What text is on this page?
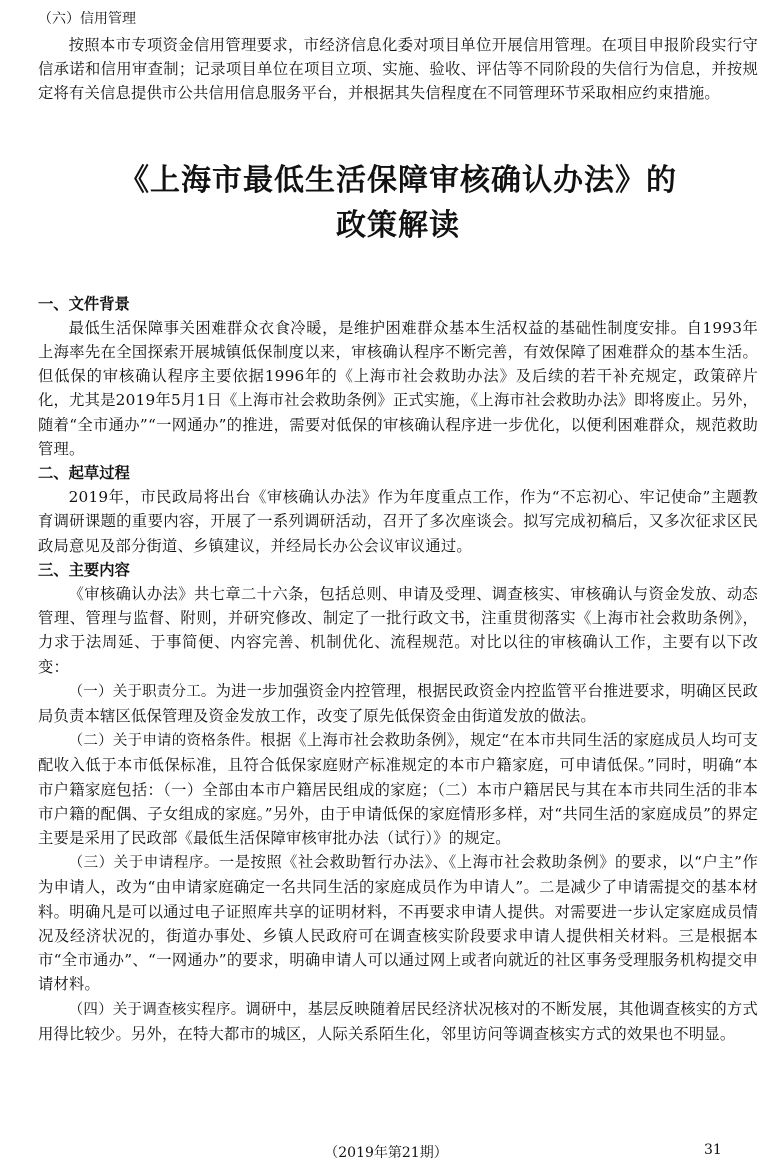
（六）信用管理

按照本市专项资金信用管理要求，市经济信息化委对项目单位开展信用管理。在项目申报阶段实行守信承诺和信用审查制；记录项目单位在项目立项、实施、验收、评估等不同阶段的失信行为信息，并按规定将有关信息提供市公共信用信息服务平台，并根据其失信程度在不同管理环节采取相应约束措施。

《上海市最低生活保障审核确认办法》的
政策解读
一、文件背景

最低生活保障事关困难群众衣食冷暖，是维护困难群众基本生活权益的基础性制度安排。自1993年上海率先在全国探索开展城镇低保制度以来，审核确认程序不断完善，有效保障了困难群众的基本生活。但低保的审核确认程序主要依据1996年的《上海市社会救助办法》及后续的若干补充规定，政策碎片化，尤其是2019年5月1日《上海市社会救助条例》正式实施，《上海市社会救助办法》即将废止。另外，随着“全市通办”“一网通办”的推进，需要对低保的审核确认程序进一步优化，以便利困难群众，规范救助管理。

二、起草过程

2019年，市民政局将出台《审核确认办法》作为年度重点工作，作为“不忘初心、牢记使命”主题教育调研课题的重要内容，开展了一系列调研活动，召开了多次座谈会。拟写完成初稿后，又多次征求区民政局意见及部分街道、乡镇建议，并经局长办公会议审议通过。

三、主要内容

《审核确认办法》共七章二十六条，包括总则、申请及受理、调查核实、审核确认与资金发放、动态管理、管理与监督、附则，并研究修改、制定了一批行政文书，注重贯彻落实《上海市社会救助条例》，力求于法周延、于事简便、内容完善、机制优化、流程规范。对比以往的审核确认工作，主要有以下改变：

（一）关于职责分工。为进一步加强资金内控管理，根据民政资金内控监管平台推进要求，明确区民政局负责本辖区低保管理及资金发放工作，改变了原先低保资金由街道发放的做法。

（二）关于申请的资格条件。根据《上海市社会救助条例》，规定“在本市共同生活的家庭成员人均可支配收入低于本市低保标准，且符合低保家庭财产标准规定的本市户籍家庭，可申请低保。”同时，明确“本市户籍家庭包括：（一）全部由本市户籍居民组成的家庭；（二）本市户籍居民与其在本市共同生活的非本市户籍的配偶、子女组成的家庭。”另外，由于申请低保的家庭情形多样，对“共同生活的家庭成员”的界定主要是采用了民政部《最低生活保障审核审批办法（试行）》的规定。

（三）关于申请程序。一是按照《社会救助暂行办法》、《上海市社会救助条例》的要求，以“户主”作为申请人，改为“由申请家庭确定一名共同生活的家庭成员作为申请人”。二是减少了申请需提交的基本材料。明确凡是可以通过电子证照库共享的证明材料，不再要求申请人提供。对需要进一步认定家庭成员情况及经济状况的，街道办事处、乡镇人民政府可在调查核实阶段要求申请人提供相关材料。三是根据本市“全市通办”、“一网通办”的要求，明确申请人可以通过网上或者向就近的社区事务受理服务机构提交申请材料。

（四）关于调查核实程序。调研中，基层反映随着居民经济状况核对的不断发展，其他调查核实的方式用得比较少。另外，在特大都市的城区，人际关系陌生化，邻里访问等调查核实方式的效果也不明显。

（2019年第21期）	31
